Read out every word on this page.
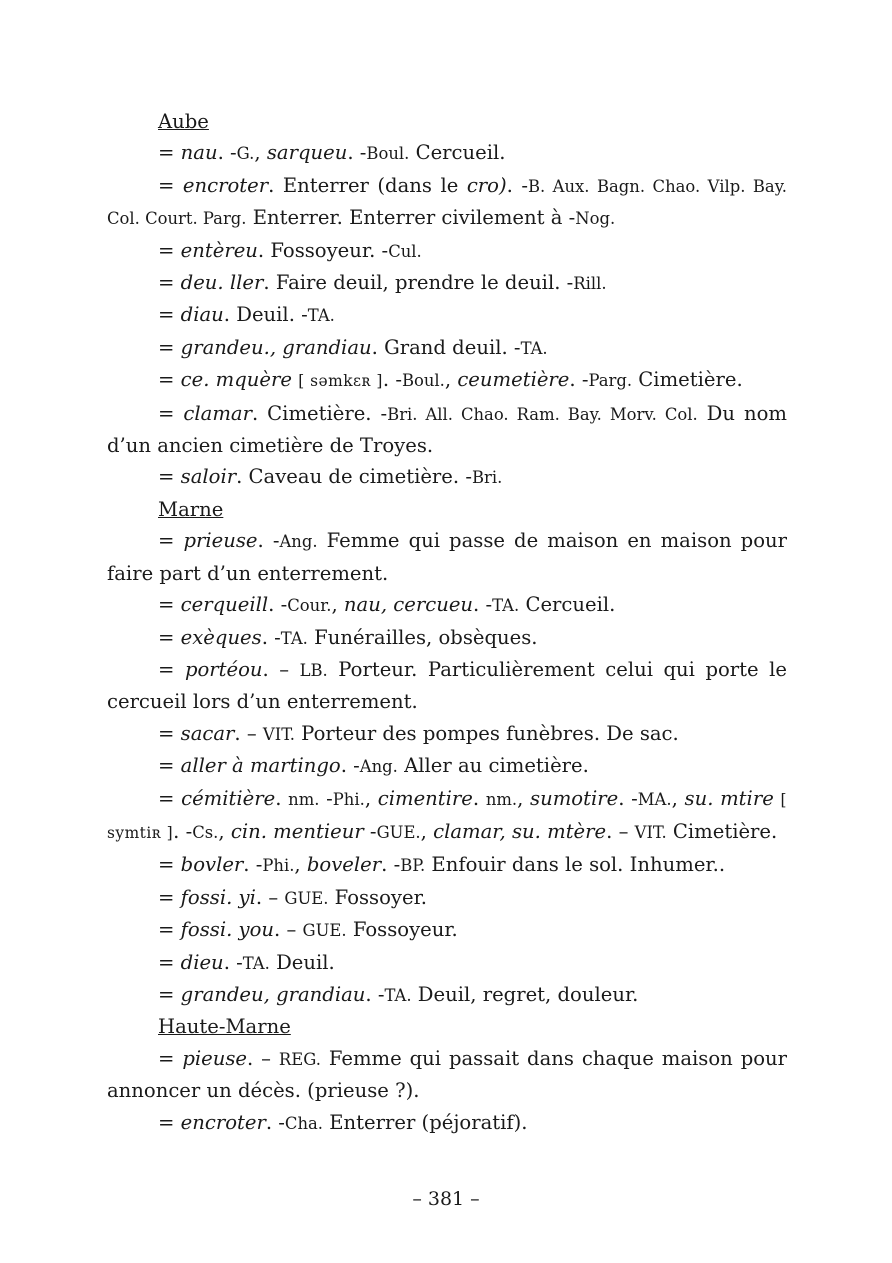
Aube

= nau. -G., sarqueu. -Boul. Cercueil.

= encroter. Enterrer (dans le cro). -B. Aux. Bagn. Chao. Vilp. Bay. Col. Court. Parg. Enterrer. Enterrer civilement à -Nog.

= entèreu. Fossoyeur. -Cul.

= deu. ller. Faire deuil, prendre le deuil. -Rill.

= diau. Deuil. -TA.

= grandeu., grandiau. Grand deuil. -TA.

= ce. mquère [ səmkɛʀ ]. -Boul., ceumetière. -Parg. Cimetière.

= clamar. Cimetière. -Bri. All. Chao. Ram. Bay. Morv. Col. Du nom d’un ancien cimetière de Troyes.

= saloir. Caveau de cimetière. -Bri.

Marne

= prieuse. -Ang. Femme qui passe de maison en maison pour faire part d’un enterrement.

= cerqueill. -Cour., nau, cercueu. -TA. Cercueil.

= exèques. -TA. Funérailles, obsèques.

= portéou. – LB. Porteur. Particulièrement celui qui porte le cercueil lors d’un enterrement.

= sacar. – VIT. Porteur des pompes funèbres. De sac.

= aller à martingo. -Ang. Aller au cimetière.

= cémitière. nm. -Phi., cimentire. nm., sumotire. -MA., su. mtire [ symtiʀ ]. -Cs., cin. mentieur -GUE., clamar, su. mtère. – VIT. Cimetière.

= bovler. -Phi., boveler. -BP. Enfouir dans le sol. Inhumer..

= fossi. yi. – GUE. Fossoyer.

= fossi. you. – GUE. Fossoyeur.

= dieu. -TA. Deuil.

= grandeu, grandiau. -TA. Deuil, regret, douleur.

Haute-Marne

= pieuse. – REG. Femme qui passait dans chaque maison pour annoncer un décès. (prieuse ?).

= encroter. -Cha. Enterrer (péjoratif).

– 381 –
